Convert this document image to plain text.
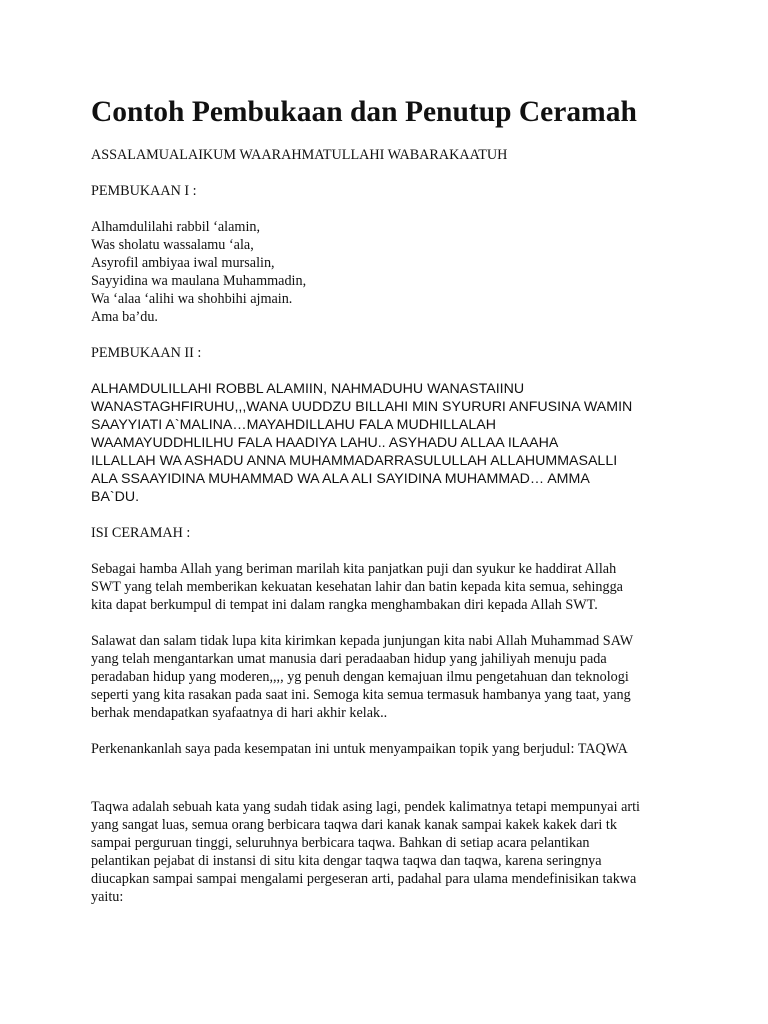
Contoh Pembukaan dan Penutup Ceramah

ASSALAMUALAIKUM WAARAHMATULLAHI WABARAKAATUH

PEMBUKAAN I :

Alhamdulilahi rabbil ‘alamin,
Was sholatu wassalamu ‘ala,
Asyrofil ambiyaa iwal mursalin,
Sayyidina wa maulana Muhammadin,
Wa ‘alaa ‘alihi wa shohbihi ajmain.
Ama ba’du.

PEMBUKAAN II :

ALHAMDULILLAHI ROBBL ALAMIIN, NAHMADUHU WANASTAIINU
WANASTAGHFIRUHU,,,WANA UUDDZU BILLAHI MIN SYURURI ANFUSINA WAMIN
SAAYYIATI A`MALINA…MAYAHDILLAHU FALA MUDHILLALAH
WAAMAYUDDHLILHU FALA HAADIYA LAHU.. ASYHADU ALLAA ILAAHA
ILLALLAH WA ASHADU ANNA MUHAMMADARRASULULLAH ALLAHUMMASALLI
ALA SSAAYIDINA MUHAMMAD WA ALA ALI SAYIDINA MUHAMMAD… AMMA
BA`DU.

ISI CERAMAH :

Sebagai hamba Allah yang beriman marilah kita panjatkan puji dan syukur ke haddirat Allah
SWT yang telah memberikan kekuatan kesehatan lahir dan batin kepada kita semua, sehingga
kita dapat berkumpul di tempat ini dalam rangka menghambakan diri kepada Allah SWT.

Salawat dan salam tidak lupa kita kirimkan kepada junjungan kita nabi Allah Muhammad SAW
yang telah mengantarkan umat manusia dari peradaaban hidup yang jahiliyah menuju pada
peradaban hidup yang moderen,,,, yg penuh dengan kemajuan ilmu pengetahuan dan teknologi
seperti yang kita rasakan pada saat ini. Semoga kita semua termasuk hambanya yang taat, yang
berhak mendapatkan syafaatnya di hari akhir kelak..

Perkenankanlah saya pada kesempatan ini untuk menyampaikan topik yang berjudul: TAQWA

Taqwa adalah sebuah kata yang sudah tidak asing lagi, pendek kalimatnya tetapi mempunyai arti
yang sangat luas, semua orang berbicara taqwa dari kanak kanak sampai kakek kakek dari tk
sampai perguruan tinggi, seluruhnya berbicara taqwa. Bahkan di setiap acara pelantikan
pelantikan pejabat di instansi di situ kita dengar taqwa taqwa dan taqwa, karena seringnya
diucapkan sampai sampai mengalami pergeseran arti, padahal para ulama mendefinisikan takwa
yaitu:
